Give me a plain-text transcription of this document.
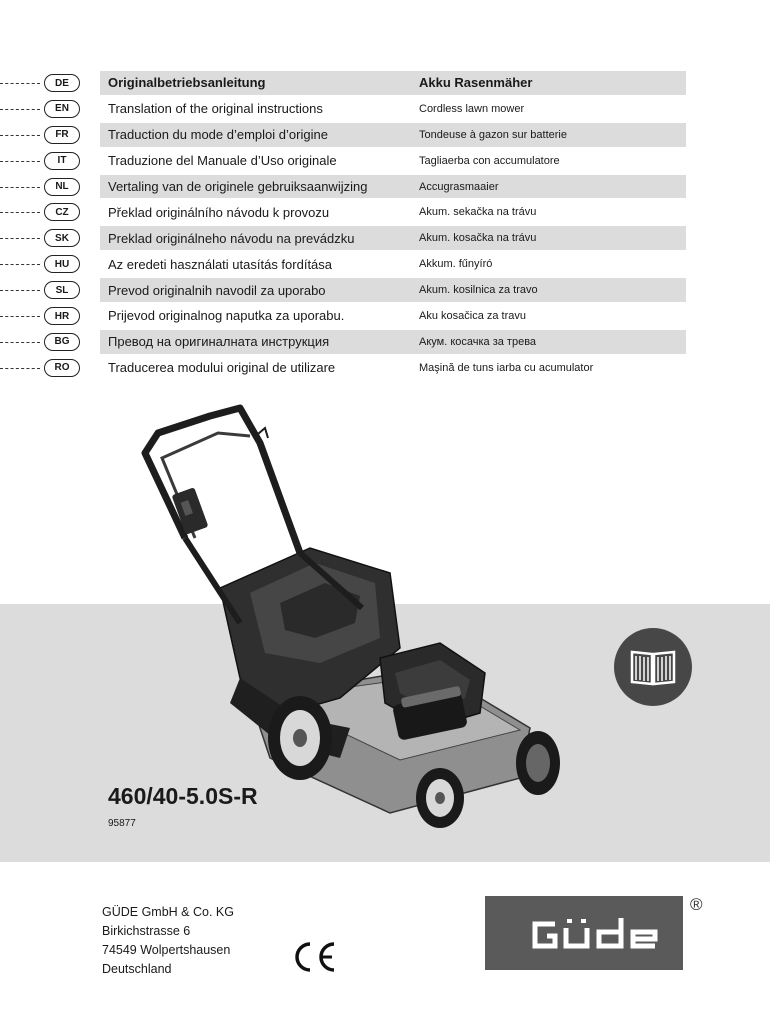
DE	Originalbetriebsanleitung	Akku Rasenmäher
EN	Translation of the original instructions	Cordless lawn mower
FR	Traduction du mode d’emploi d’origine	Tondeuse à gazon sur batterie
IT	Traduzione del Manuale d’Uso originale	Tagliaerba con accumulatore
NL	Vertaling van de originele gebruiksaanwijzing	Accugrasmaaier
CZ	Překlad originálního návodu k provozu	Akum. sekačka na trávu
SK	Preklad originálneho návodu na prevádzku	Akum. kosačka na trávu
HU	Az eredeti használati utasítás fordítása	Akkum. fűnyíró
SL	Prevod originalnih navodil za uporabo	Akum. kosilnica za travo
HR	Prijevod originalnog naputka za uporabu.	Aku kosačica za travu
BG	Превод на оригиналната инструкция	Акум. косачка за трева
RO	Traducerea modului original de utilizare	Maşină de tuns iarba cu acumulator
460/40-5.0S-R
95877
GÜDE GmbH & Co. KG
Birkichstrasse 6
74549 Wolpertshausen
Deutschland
®
